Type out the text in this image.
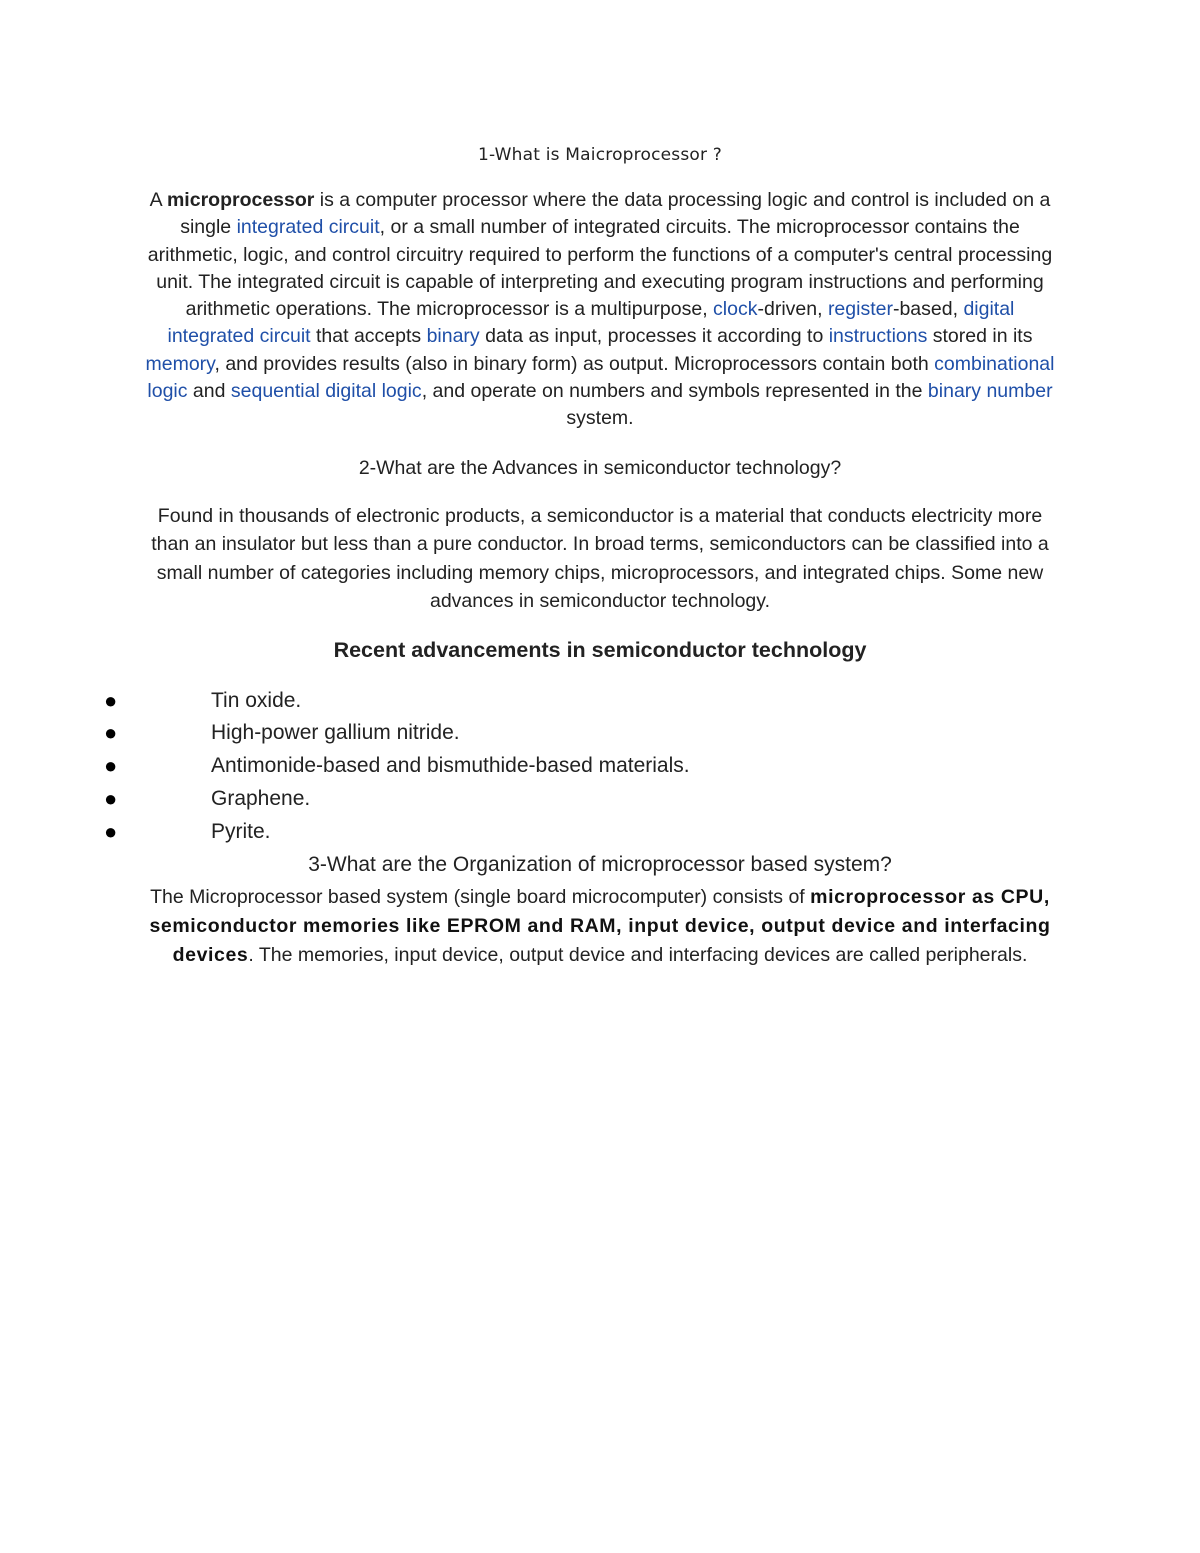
1-What is Maicroprocessor ?

A microprocessor is a computer processor where the data processing logic and control is included on a single integrated circuit, or a small number of integrated circuits. The microprocessor contains the arithmetic, logic, and control circuitry required to perform the functions of a computer's central processing unit. The integrated circuit is capable of interpreting and executing program instructions and performing arithmetic operations. The microprocessor is a multipurpose, clock-driven, register-based, digital integrated circuit that accepts binary data as input, processes it according to instructions stored in its memory, and provides results (also in binary form) as output. Microprocessors contain both combinational logic and sequential digital logic, and operate on numbers and symbols represented in the binary number system.

2-What are the Advances in semiconductor technology?

Found in thousands of electronic products, a semiconductor is a material that conducts electricity more than an insulator but less than a pure conductor. In broad terms, semiconductors can be classified into a small number of categories including memory chips, microprocessors, and integrated chips. Some new advances in semiconductor technology.

Recent advancements in semiconductor technology

●	Tin oxide.
●	High-power gallium nitride.
●	Antimonide-based and bismuthide-based materials.
●	Graphene.
●	Pyrite.

3-What are the Organization of microprocessor based system?

The Microprocessor based system (single board microcomputer) consists of microprocessor as CPU, semiconductor memories like EPROM and RAM, input device, output device and interfacing devices. The memories, input device, output device and interfacing devices are called peripherals.
